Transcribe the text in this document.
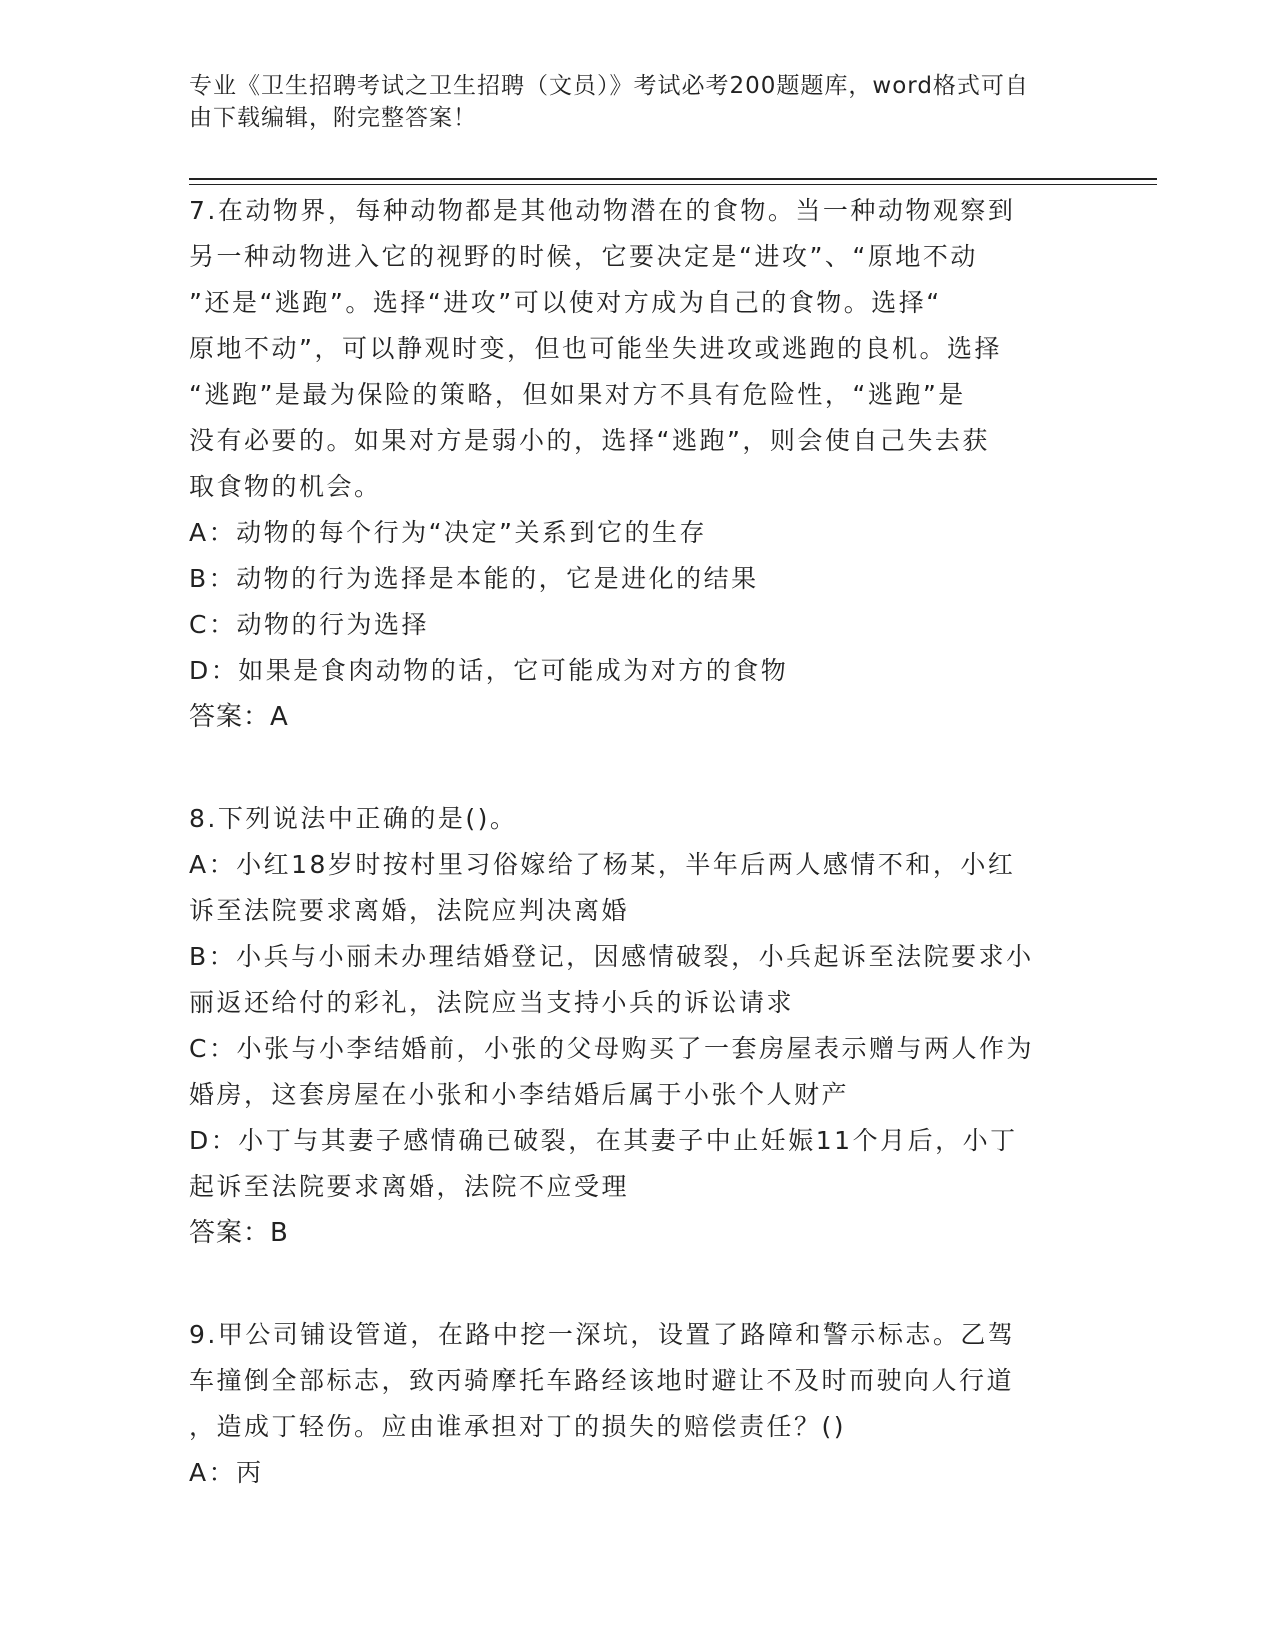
专业《卫生招聘考试之卫生招聘（文员）》考试必考200题题库，word格式可自
由下载编辑，附完整答案！
7.在动物界，每种动物都是其他动物潜在的食物。当一种动物观察到
另一种动物进入它的视野的时候，它要决定是“进攻”、“原地不动
”还是“逃跑”。选择“进攻”可以使对方成为自己的食物。选择“
原地不动”，可以静观时变，但也可能坐失进攻或逃跑的良机。选择
“逃跑”是最为保险的策略，但如果对方不具有危险性，“逃跑”是
没有必要的。如果对方是弱小的，选择“逃跑”，则会使自己失去获
取食物的机会。
A：动物的每个行为“决定”关系到它的生存
B：动物的行为选择是本能的，它是进化的结果
C：动物的行为选择
D：如果是食肉动物的话，它可能成为对方的食物
答案：A
8.下列说法中正确的是()。
A：小红18岁时按村里习俗嫁给了杨某，半年后两人感情不和，小红
诉至法院要求离婚，法院应判决离婚
B：小兵与小丽未办理结婚登记，因感情破裂，小兵起诉至法院要求小
丽返还给付的彩礼，法院应当支持小兵的诉讼请求
C：小张与小李结婚前，小张的父母购买了一套房屋表示赠与两人作为
婚房，这套房屋在小张和小李结婚后属于小张个人财产
D：小丁与其妻子感情确已破裂，在其妻子中止妊娠11个月后，小丁
起诉至法院要求离婚，法院不应受理
答案：B
9.甲公司铺设管道，在路中挖一深坑，设置了路障和警示标志。乙驾
车撞倒全部标志，致丙骑摩托车路经该地时避让不及时而驶向人行道
，造成丁轻伤。应由谁承担对丁的损失的赔偿责任？()
A：丙
